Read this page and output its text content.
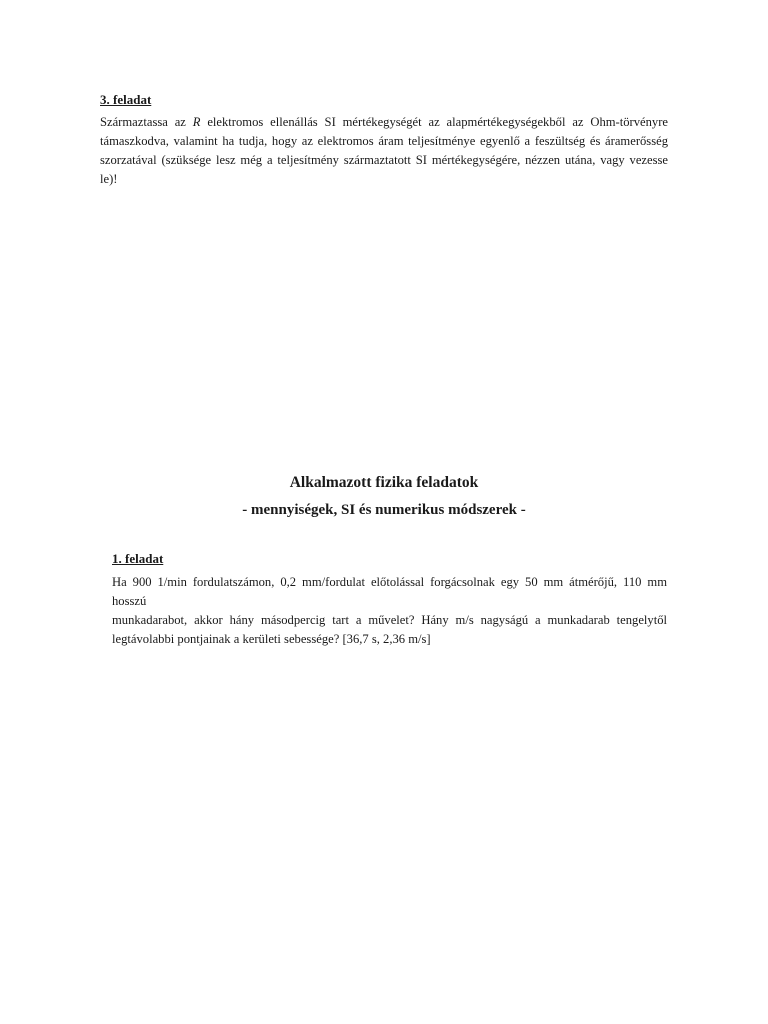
3. feladat

Származtassa az R elektromos ellenállás SI mértékegységét az alapmértékegységekből az Ohm-törvényre
támaszkodva, valamint ha tudja, hogy az elektromos áram teljesítménye egyenlő a feszültség és áramerősség
szorzatával (szüksége lesz még a teljesítmény származtatott SI mértékegységére, nézzen utána, vagy vezesse
le)!

Alkalmazott fizika feladatok

- mennyiségek, SI és numerikus módszerek -

1. feladat

Ha 900 1/min fordulatszámon, 0,2 mm/fordulat előtolással forgácsolnak egy 50 mm átmérőjű, 110 mm hosszú
munkadarabot, akkor hány másodpercig tart a művelet? Hány m/s nagyságú a munkadarab tengelytől
legtávolabbi pontjainak a kerületi sebessége? [36,7 s, 2,36 m/s]
